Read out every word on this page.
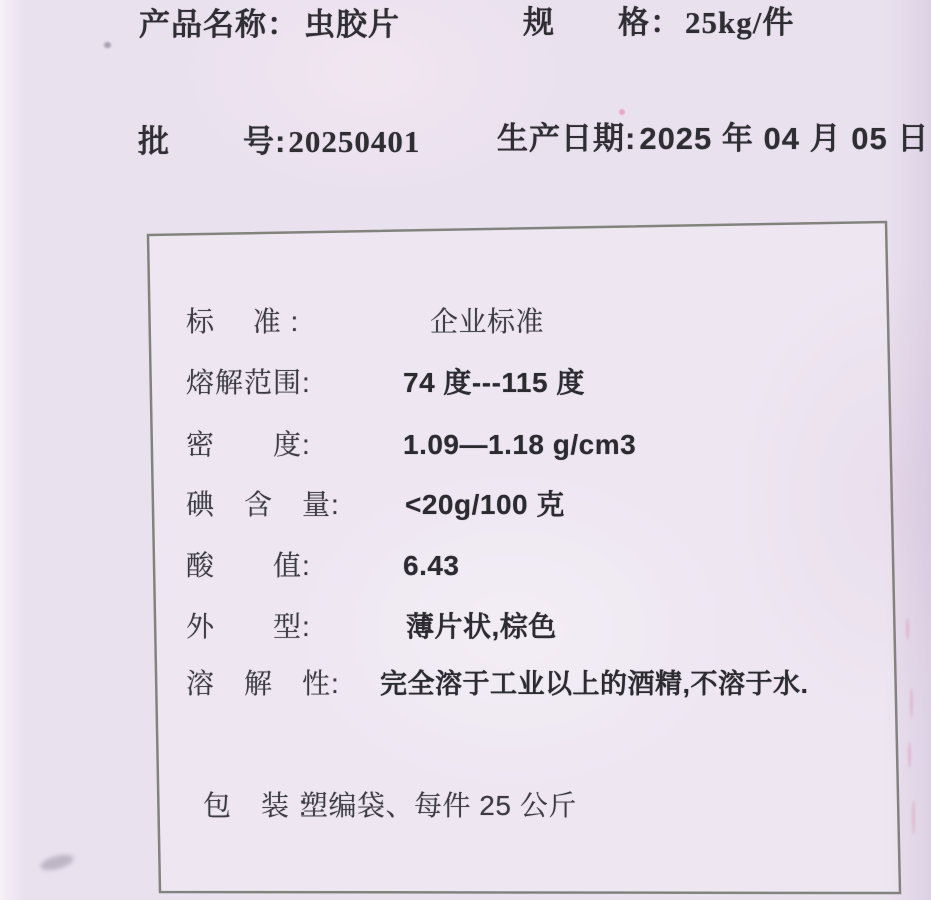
产品名称： 虫胶片	规 格： 25kg/件
批 号: 20250401 生产日期: 2025 年 04 月 05 日
标　 准 :	企业标准
熔解范围:	74 度---115 度
密　　度:	1.09—1.18 g/cm3
碘　含　量: <20g/100 克
酸　　值:	6.43
外　　型:	薄片状,棕色
溶　解　性: 完全溶于工业以上的酒精,不溶于水.
包　装 :
塑编袋、每件 25 公斤
